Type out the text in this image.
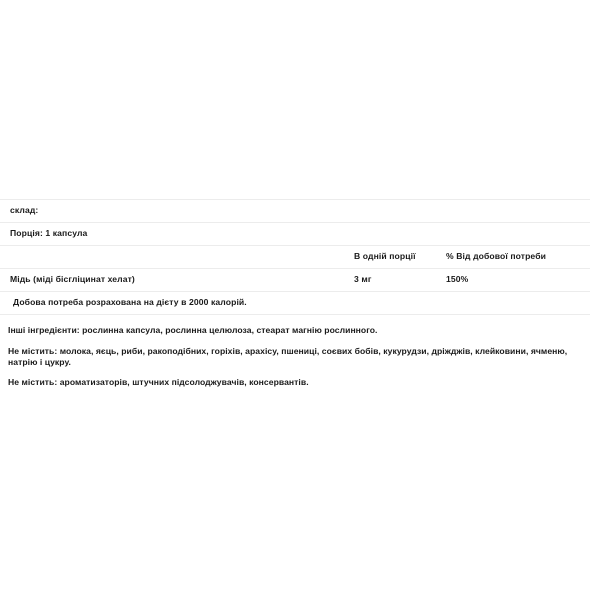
склад:		
Порція: 1 капсула		
	В одній порції	% Від добової потреби
Мідь (міді бісгліцинат хелат)	3 мг	150%
Добова потреба розрахована на дієту в 2000 калорій.		

Інші інгредієнти: рослинна капсула, рослинна целюлоза, стеарат магнію рослинного.

Не містить: молока, яєць, риби, ракоподібних, горіхів, арахісу, пшениці, соєвих бобів, кукурудзи, дріжджів, клейковини, ячменю, натрію і цукру.

Не містить: ароматизаторів, штучних підсолоджувачів, консервантів.
